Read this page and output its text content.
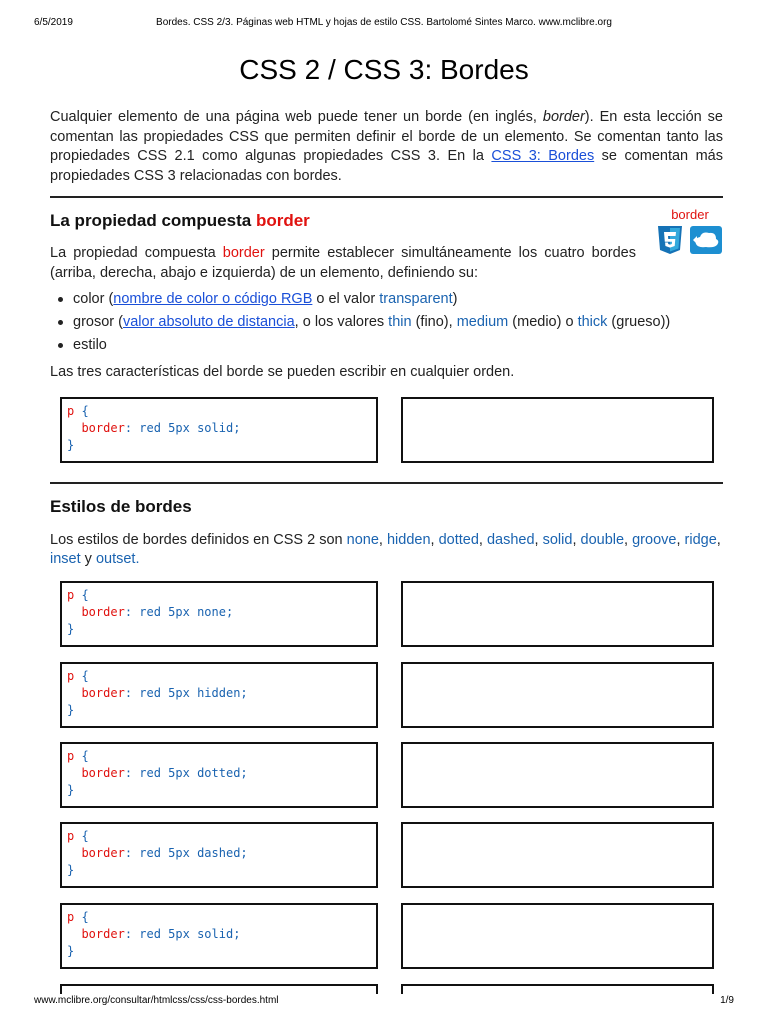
6/5/2019	Bordes. CSS 2/3. Páginas web HTML y hojas de estilo CSS. Bartolomé Sintes Marco. www.mclibre.org
CSS 2 / CSS 3: Bordes

Cualquier elemento de una página web puede tener un borde (en inglés, border). En esta lección se comentan las propiedades CSS que permiten definir el borde de un elemento. Se comentan tanto las propiedades CSS 2.1 como algunas propiedades CSS 3. En la CSS 3: Bordes se comentan más propiedades CSS 3 relacionadas con bordes.

La propiedad compuesta border	border

La propiedad compuesta border permite establecer simultáneamente los cuatro bordes (arriba, derecha, abajo e izquierda) de un elemento, definiendo su:

color (nombre de color o código RGB o el valor transparent)
grosor (valor absoluto de distancia, o los valores thin (fino), medium (medio) o thick (grueso))
estilo

Las tres características del borde se pueden escribir en cualquier orden.

p {
border: red 5px solid;
}
Estilos de bordes

Los estilos de bordes definidos en CSS 2 son none, hidden, dotted, dashed, solid, double, groove, ridge, inset y outset.

p {
border: red 5px none;
}
p {
border: red 5px hidden;
}
p {
border: red 5px dotted;
}
p {
border: red 5px dashed;
}
p {
border: red 5px solid;
}
www.mclibre.org/consultar/htmlcss/css/css-bordes.html	1/9
